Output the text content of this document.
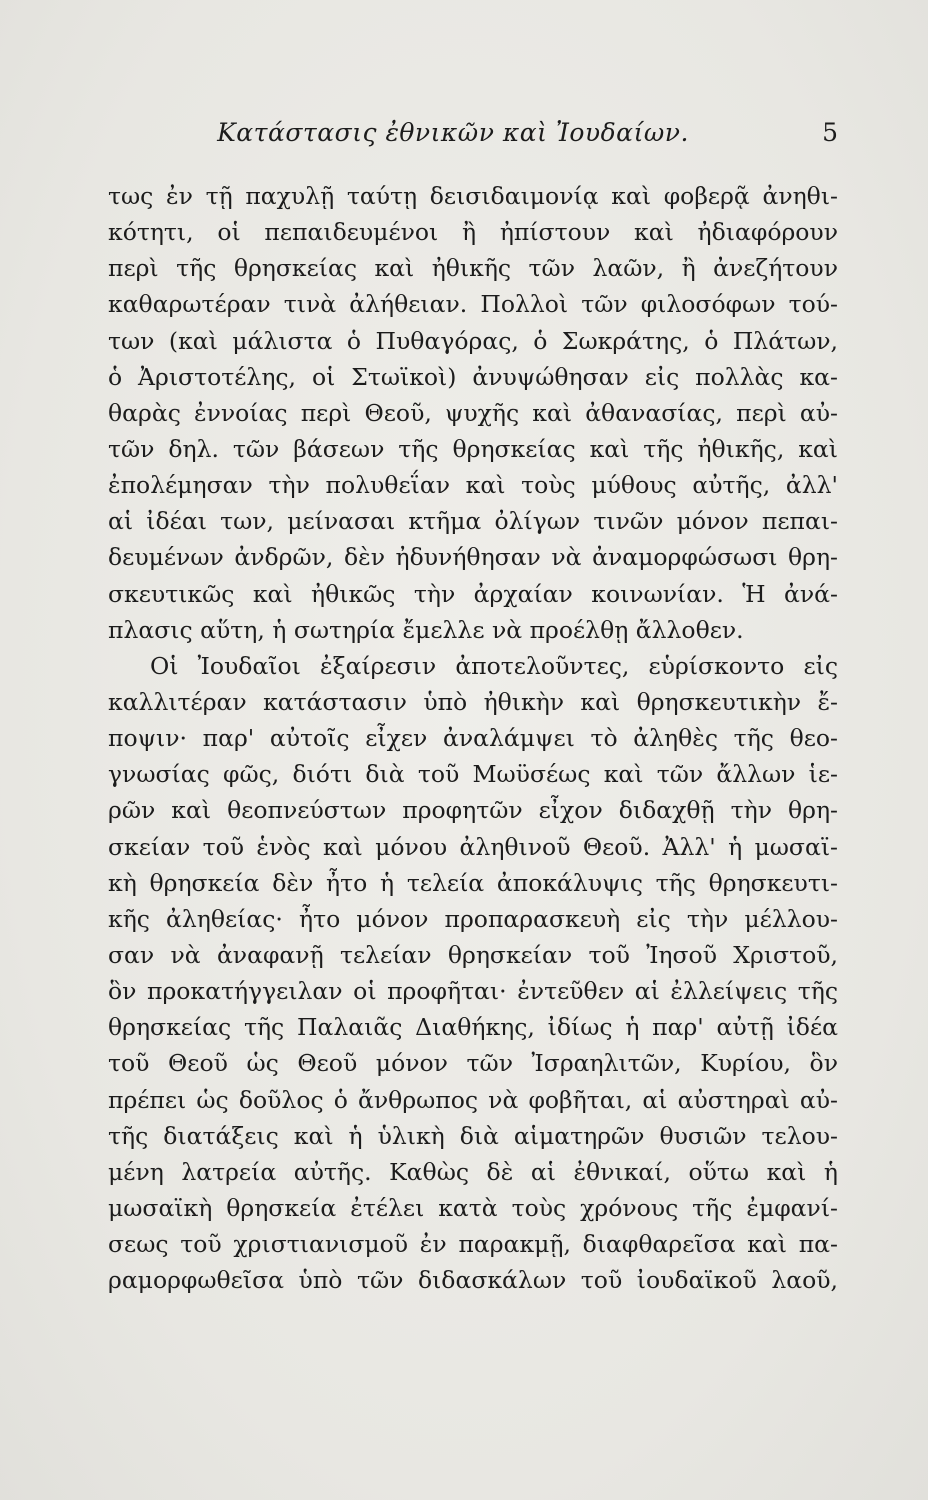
Κατάστασις ἐθνικῶν καὶ Ἰουδαίων.	5
τως ἐν τῇ παχυλῇ ταύτῃ δεισιδαιμονίᾳ καὶ φοβερᾷ ἀνηθι-
κότητι, οἱ πεπαιδευμένοι ἢ ἠπίστουν καὶ ἠδιαφόρουν
περὶ τῆς θρησκείας καὶ ἠθικῆς τῶν λαῶν, ἢ ἀνεζήτουν
καθαρωτέραν τινὰ ἀλήθειαν. Πολλοὶ τῶν φιλοσόφων τού-
των (καὶ μάλιστα ὁ Πυθαγόρας, ὁ Σωκράτης, ὁ Πλάτων,
ὁ Ἀριστοτέλης, οἱ Στωϊκοὶ) ἀνυψώθησαν εἰς πολλὰς κα-
θαρὰς ἐννοίας περὶ Θεοῦ, ψυχῆς καὶ ἀθανασίας, περὶ αὐ-
τῶν δηλ. τῶν βάσεων τῆς θρησκείας καὶ τῆς ἠθικῆς, καὶ
ἐπολέμησαν τὴν πολυθεΐαν καὶ τοὺς μύθους αὐτῆς, ἀλλ'
αἱ ἰδέαι των, μείνασαι κτῆμα ὀλίγων τινῶν μόνον πεπαι-
δευμένων ἀνδρῶν, δὲν ἠδυνήθησαν νὰ ἀναμορφώσωσι θρη-
σκευτικῶς καὶ ἠθικῶς τὴν ἀρχαίαν κοινωνίαν. Ἡ ἀνά-
πλασις αὕτη, ἡ σωτηρία ἔμελλε νὰ προέλθῃ ἄλλοθεν.
Οἱ Ἰουδαῖοι ἐξαίρεσιν ἀποτελοῦντες, εὑρίσκοντο εἰς
καλλιτέραν κατάστασιν ὑπὸ ἠθικὴν καὶ θρησκευτικὴν ἔ-
ποψιν· παρ' αὐτοῖς εἶχεν ἀναλάμψει τὸ ἀληθὲς τῆς θεο-
γνωσίας φῶς, διότι διὰ τοῦ Μωϋσέως καὶ τῶν ἄλλων ἱε-
ρῶν καὶ θεοπνεύστων προφητῶν εἶχον διδαχθῇ τὴν θρη-
σκείαν τοῦ ἑνὸς καὶ μόνου ἀληθινοῦ Θεοῦ. Ἀλλ' ἡ μωσαϊ-
κὴ θρησκεία δὲν ἦτο ἡ τελεία ἀποκάλυψις τῆς θρησκευτι-
κῆς ἀληθείας· ἦτο μόνον προπαρασκευὴ εἰς τὴν μέλλου-
σαν νὰ ἀναφανῇ τελείαν θρησκείαν τοῦ Ἰησοῦ Χριστοῦ,
ὃν προκατήγγειλαν οἱ προφῆται· ἐντεῦθεν αἱ ἐλλείψεις τῆς
θρησκείας τῆς Παλαιᾶς Διαθήκης, ἰδίως ἡ παρ' αὐτῇ ἰδέα
τοῦ Θεοῦ ὡς Θεοῦ μόνον τῶν Ἰσραηλιτῶν, Κυρίου, ὃν
πρέπει ὡς δοῦλος ὁ ἄνθρωπος νὰ φοβῆται, αἱ αὐστηραὶ αὐ-
τῆς διατάξεις καὶ ἡ ὑλικὴ διὰ αἱματηρῶν θυσιῶν τελου-
μένη λατρεία αὐτῆς. Καθὼς δὲ αἱ ἐθνικαί, οὕτω καὶ ἡ
μωσαϊκὴ θρησκεία ἐτέλει κατὰ τοὺς χρόνους τῆς ἐμφανί-
σεως τοῦ χριστιανισμοῦ ἐν παρακμῇ, διαφθαρεῖσα καὶ πα-
ραμορφωθεῖσα ὑπὸ τῶν διδασκάλων τοῦ ἰουδαϊκοῦ λαοῦ,
